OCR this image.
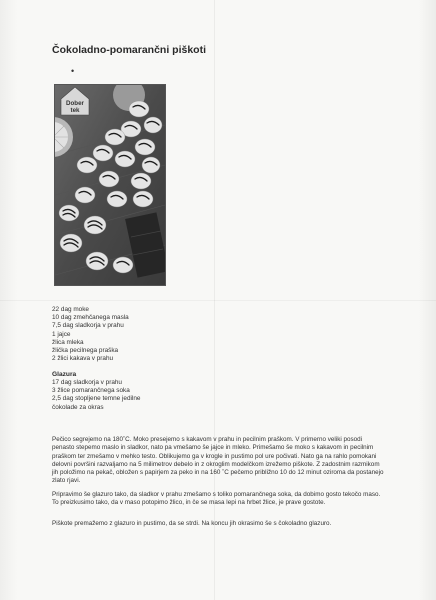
Čokoladno-pomarančni piškoti
•
Dober
tek
22 dag moke
10 dag zmehčanega masla
7,5 dag sladkorja v prahu
1 jajce
žlica mleka
žlička pecilnega praška
2 žlici kakava v prahu
Glazura
17 dag sladkorja v prahu
3 žlice pomarančnega soka
2,5 dag stopljene temne jedilne
čokolade za okras

Pečico segrejemo na 180˚C. Moko presejemo s kakavom v prahu in pecilnim praškom. V primerno veliki posodi penasto stepemo maslo in sladkor, nato pa vmešamo še jajce in mleko. Primešamo še moko s kakavom in pecilnim praškom ter zmešamo v mehko testo. Oblikujemo ga v krogle in pustimo pol ure počivati. Nato ga na rahlo pomokani delovni površini razvaljamo na 5 milimetrov debelo in z okroglim modelčkom izrežemo piškote. Z zadostnim razmikom jih položimo na pekač, obložen s papirjem za peko in na 160 ˚C pečemo približno 10 do 12 minut oziroma da postanejo zlato rjavi.

Pripravimo še glazuro tako, da sladkor v prahu zmešamo s toliko pomarančnega soka, da dobimo gosto tekočo maso. To preizkusimo tako, da v maso potopimo žlico, in če se masa lepi na hrbet žlice, je prave gostote.

Piškote premažemo z glazuro in pustimo, da se strdi. Na koncu jih okrasimo še s čokoladno glazuro.
